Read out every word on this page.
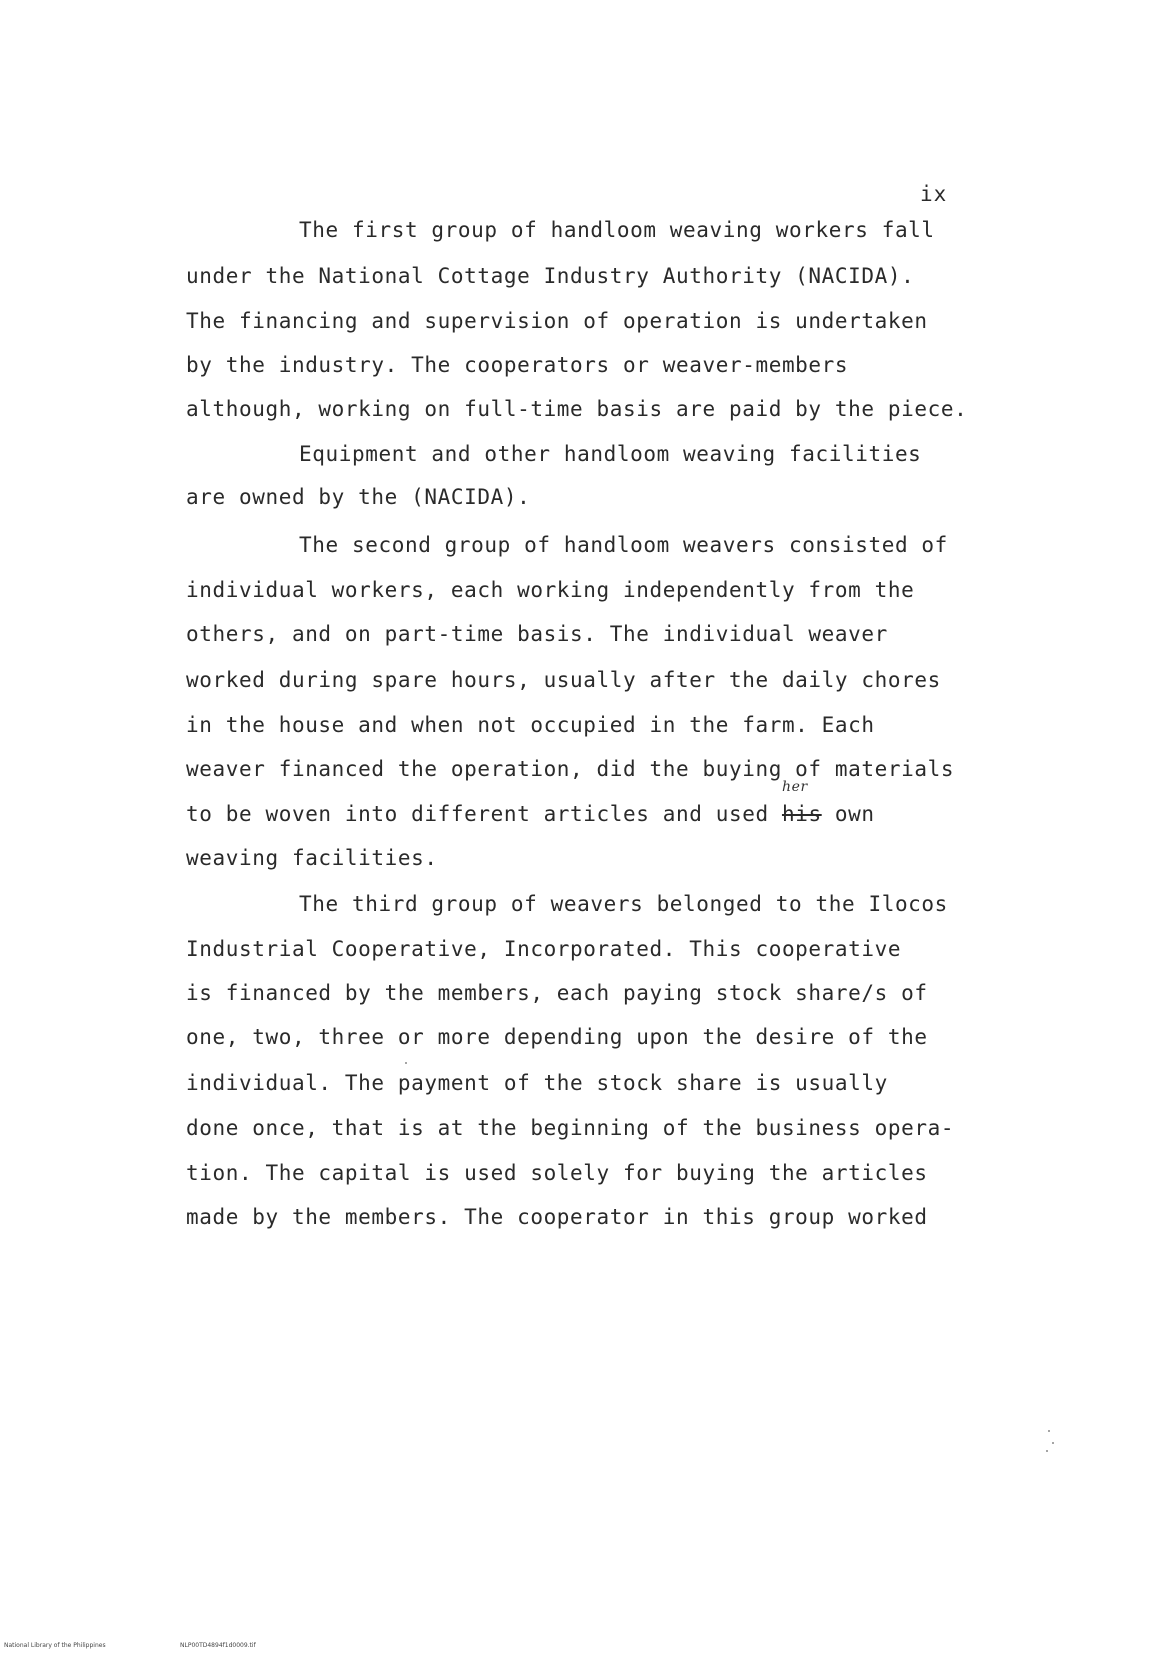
ix
The first group of handloom weaving workers fall
under the National Cottage Industry Authority (NACIDA).
The financing and supervision of operation is undertaken
by the industry. The cooperators or weaver-members
although, working on full-time basis are paid by the piece.
Equipment and other handloom weaving facilities
are owned by the (NACIDA).
The second group of handloom weavers consisted of
individual workers, each working independently from the
others, and on part-time basis. The individual weaver
worked during spare hours, usually after the daily chores
in the house and when not occupied in the farm. Each
weaver financed the operation, did the buying of materials
to be woven into different articles and used his
her
own
weaving facilities.
The third group of weavers belonged to the Ilocos
Industrial Cooperative, Incorporated. This cooperative
is financed by the members, each paying stock share/s of
one, two, three or more depending upon the desire of the
individual. The payment of the stock share is usually
done once, that is at the beginning of the business opera-
tion. The capital is used solely for buying the articles
made by the members. The cooperator in this group worked
National Library of the Philippines	NLP00TD4894f1d0009.tif
